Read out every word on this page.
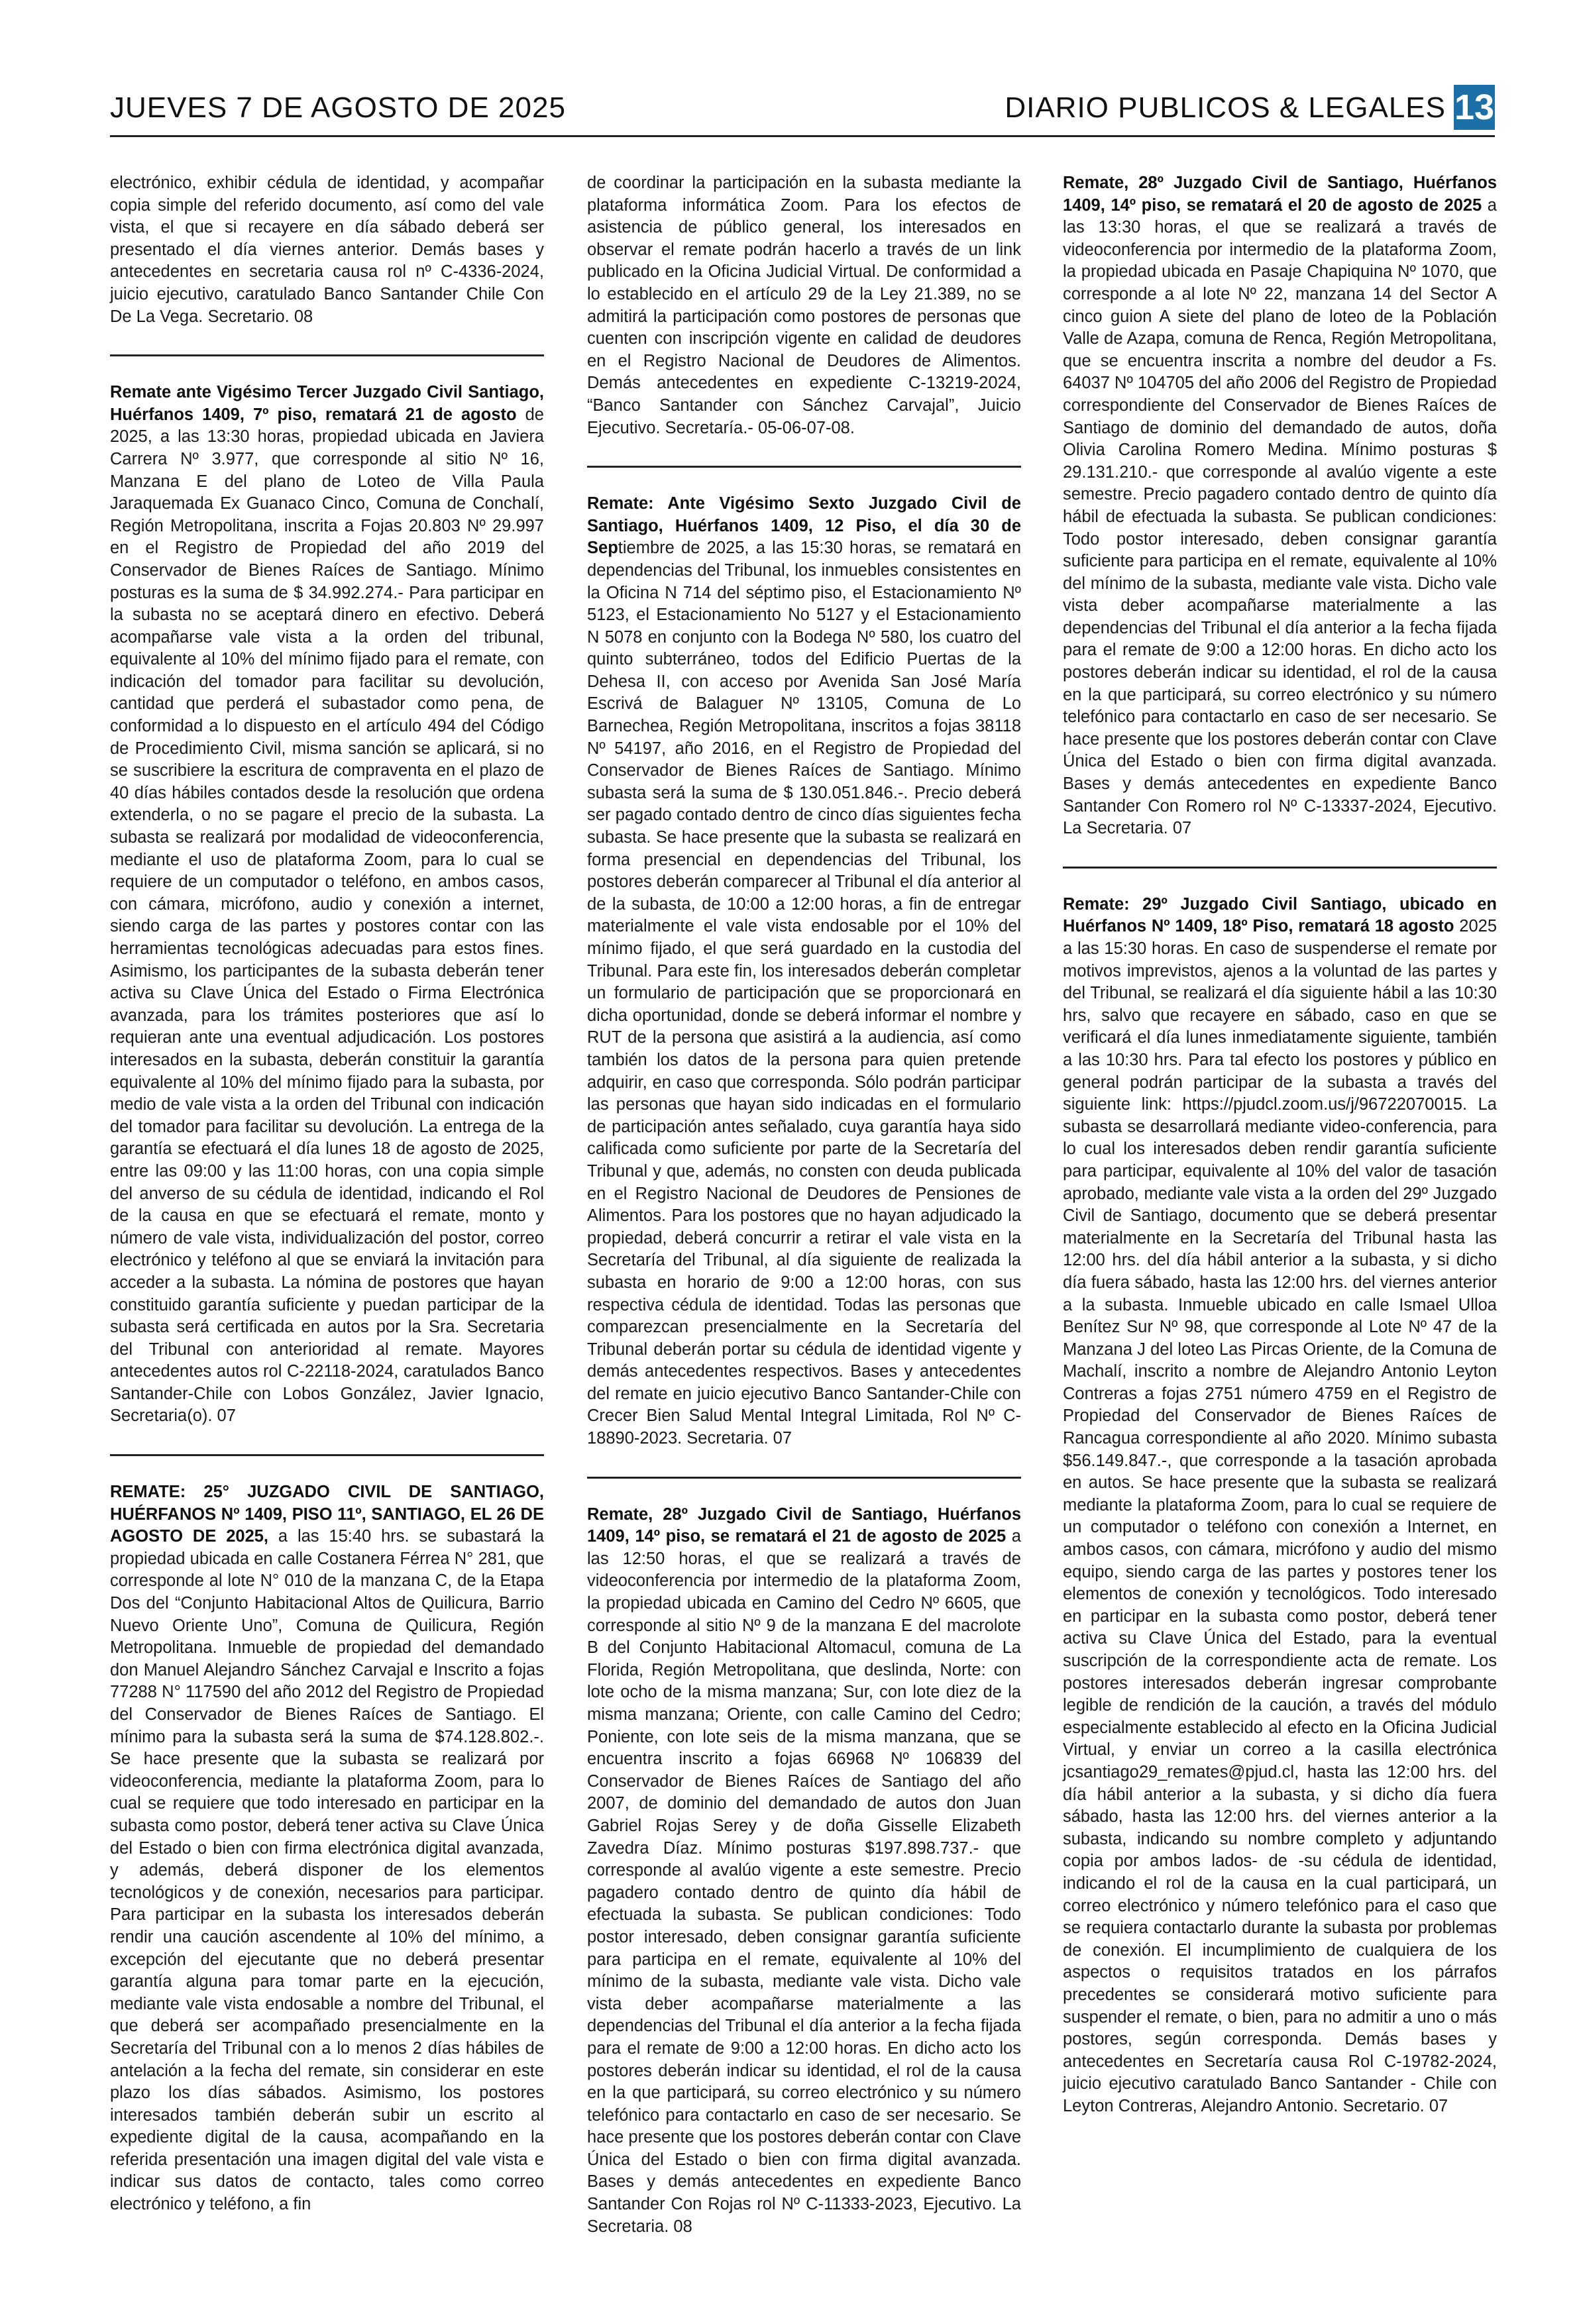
JUEVES 7 DE AGOSTO DE 2025	DIARIO PUBLICOS & LEGALES 13

electrónico, exhibir cédula de identidad, y acompañar copia simple del referido documento, así como del vale vista, el que si recayere en día sábado deberá ser presentado el día viernes anterior. Demás bases y antecedentes en secretaria causa rol nº C-4336-2024, juicio ejecutivo, caratulado Banco Santander Chile Con De La Vega. Secretario. 08

Remate ante Vigésimo Tercer Juzgado Civil Santiago, Huérfanos 1409, 7º piso, rematará 21 de agosto de 2025, a las 13:30 horas, propiedad ubicada en Javiera Carrera Nº 3.977, que corresponde al sitio Nº 16, Manzana E del plano de Loteo de Villa Paula Jaraquemada Ex Guanaco Cinco, Comuna de Conchalí, Región Metropolitana, inscrita a Fojas 20.803 Nº 29.997 en el Registro de Propiedad del año 2019 del Conservador de Bienes Raíces de Santiago. Mínimo posturas es la suma de $ 34.992.274.- Para participar en la subasta no se aceptará dinero en efectivo. Deberá acompañarse vale vista a la orden del tribunal, equivalente al 10% del mínimo fijado para el remate, con indicación del tomador para facilitar su devolución, cantidad que perderá el subastador como pena, de conformidad a lo dispuesto en el artículo 494 del Código de Procedimiento Civil, misma sanción se aplicará, si no se suscribiere la escritura de compraventa en el plazo de 40 días hábiles contados desde la resolución que ordena extenderla, o no se pagare el precio de la subasta. La subasta se realizará por modalidad de videoconferencia, mediante el uso de plataforma Zoom, para lo cual se requiere de un computador o teléfono, en ambos casos, con cámara, micrófono, audio y conexión a internet, siendo carga de las partes y postores contar con las herramientas tecnológicas adecuadas para estos fines. Asimismo, los participantes de la subasta deberán tener activa su Clave Única del Estado o Firma Electrónica avanzada, para los trámites posteriores que así lo requieran ante una eventual adjudicación. Los postores interesados en la subasta, deberán constituir la garantía equivalente al 10% del mínimo fijado para la subasta, por medio de vale vista a la orden del Tribunal con indicación del tomador para facilitar su devolución. La entrega de la garantía se efectuará el día lunes 18 de agosto de 2025, entre las 09:00 y las 11:00 horas, con una copia simple del anverso de su cédula de identidad, indicando el Rol de la causa en que se efectuará el remate, monto y número de vale vista, individualización del postor, correo electrónico y teléfono al que se enviará la invitación para acceder a la subasta. La nómina de postores que hayan constituido garantía suficiente y puedan participar de la subasta será certificada en autos por la Sra. Secretaria del Tribunal con anterioridad al remate. Mayores antecedentes autos rol C-22118-2024, caratulados Banco Santander-Chile con Lobos González, Javier Ignacio, Secretaria(o). 07

REMATE: 25° JUZGADO CIVIL DE SANTIAGO, HUÉRFANOS Nº 1409, PISO 11º, SANTIAGO, EL 26 DE AGOSTO DE 2025, a las 15:40 hrs. se subastará la propiedad ubicada en calle Costanera Férrea N° 281, que corresponde al lote N° 010 de la manzana C, de la Etapa Dos del “Conjunto Habitacional Altos de Quilicura, Barrio Nuevo Oriente Uno”, Comuna de Quilicura, Región Metropolitana. Inmueble de propiedad del demandado don Manuel Alejandro Sánchez Carvajal e Inscrito a fojas 77288 N° 117590 del año 2012 del Registro de Propiedad del Conservador de Bienes Raíces de Santiago. El mínimo para la subasta será la suma de $74.128.802.-. Se hace presente que la subasta se realizará por videoconferencia, mediante la plataforma Zoom, para lo cual se requiere que todo interesado en participar en la subasta como postor, deberá tener activa su Clave Única del Estado o bien con firma electrónica digital avanzada, y además, deberá disponer de los elementos tecnológicos y de conexión, necesarios para participar. Para participar en la subasta los interesados deberán rendir una caución ascendente al 10% del mínimo, a excepción del ejecutante que no deberá presentar garantía alguna para tomar parte en la ejecución, mediante vale vista endosable a nombre del Tribunal, el que deberá ser acompañado presencialmente en la Secretaría del Tribunal con a lo menos 2 días hábiles de antelación a la fecha del remate, sin considerar en este plazo los días sábados. Asimismo, los postores interesados también deberán subir un escrito al expediente digital de la causa, acompañando en la referida presentación una imagen digital del vale vista e indicar sus datos de contacto, tales como correo electrónico y teléfono, a fin

de coordinar la participación en la subasta mediante la plataforma informática Zoom. Para los efectos de asistencia de público general, los interesados en observar el remate podrán hacerlo a través de un link publicado en la Oficina Judicial Virtual. De conformidad a lo establecido en el artículo 29 de la Ley 21.389, no se admitirá la participación como postores de personas que cuenten con inscripción vigente en calidad de deudores en el Registro Nacional de Deudores de Alimentos. Demás antecedentes en expediente C-13219-2024, “Banco Santander con Sánchez Carvajal”, Juicio Ejecutivo. Secretaría.- 05-06-07-08.

Remate: Ante Vigésimo Sexto Juzgado Civil de Santiago, Huérfanos 1409, 12 Piso, el día 30 de Septiembre de 2025, a las 15:30 horas, se rematará en dependencias del Tribunal, los inmuebles consistentes en la Oficina N 714 del séptimo piso, el Estacionamiento Nº 5123, el Estacionamiento No 5127 y el Estacionamiento N 5078 en conjunto con la Bodega Nº 580, los cuatro del quinto subterráneo, todos del Edificio Puertas de la Dehesa II, con acceso por Avenida San José María Escrivá de Balaguer Nº 13105, Comuna de Lo Barnechea, Región Metropolitana, inscritos a fojas 38118 Nº 54197, año 2016, en el Registro de Propiedad del Conservador de Bienes Raíces de Santiago. Mínimo subasta será la suma de $ 130.051.846.-. Precio deberá ser pagado contado dentro de cinco días siguientes fecha subasta. Se hace presente que la subasta se realizará en forma presencial en dependencias del Tribunal, los postores deberán comparecer al Tribunal el día anterior al de la subasta, de 10:00 a 12:00 horas, a fin de entregar materialmente el vale vista endosable por el 10% del mínimo fijado, el que será guardado en la custodia del Tribunal. Para este fin, los interesados deberán completar un formulario de participación que se proporcionará en dicha oportunidad, donde se deberá informar el nombre y RUT de la persona que asistirá a la audiencia, así como también los datos de la persona para quien pretende adquirir, en caso que corresponda. Sólo podrán participar las personas que hayan sido indicadas en el formulario de participación antes señalado, cuya garantía haya sido calificada como suficiente por parte de la Secretaría del Tribunal y que, además, no consten con deuda publicada en el Registro Nacional de Deudores de Pensiones de Alimentos. Para los postores que no hayan adjudicado la propiedad, deberá concurrir a retirar el vale vista en la Secretaría del Tribunal, al día siguiente de realizada la subasta en horario de 9:00 a 12:00 horas, con sus respectiva cédula de identidad. Todas las personas que comparezcan presencialmente en la Secretaría del Tribunal deberán portar su cédula de identidad vigente y demás antecedentes respectivos. Bases y antecedentes del remate en juicio ejecutivo Banco Santander-Chile con Crecer Bien Salud Mental Integral Limitada, Rol Nº C-18890-2023. Secretaria. 07

Remate, 28º Juzgado Civil de Santiago, Huérfanos 1409, 14º piso, se rematará el 21 de agosto de 2025 a las 12:50 horas, el que se realizará a través de videoconferencia por intermedio de la plataforma Zoom, la propiedad ubicada en Camino del Cedro Nº 6605, que corresponde al sitio Nº 9 de la manzana E del macrolote B del Conjunto Habitacional Altomacul, comuna de La Florida, Región Metropolitana, que deslinda, Norte: con lote ocho de la misma manzana; Sur, con lote diez de la misma manzana; Oriente, con calle Camino del Cedro; Poniente, con lote seis de la misma manzana, que se encuentra inscrito a fojas 66968 Nº 106839 del Conservador de Bienes Raíces de Santiago del año 2007, de dominio del demandado de autos don Juan Gabriel Rojas Serey y de doña Gisselle Elizabeth Zavedra Díaz. Mínimo posturas $197.898.737.- que corresponde al avalúo vigente a este semestre. Precio pagadero contado dentro de quinto día hábil de efectuada la subasta. Se publican condiciones: Todo postor interesado, deben consignar garantía suficiente para participa en el remate, equivalente al 10% del mínimo de la subasta, mediante vale vista. Dicho vale vista deber acompañarse materialmente a las dependencias del Tribunal el día anterior a la fecha fijada para el remate de 9:00 a 12:00 horas. En dicho acto los postores deberán indicar su identidad, el rol de la causa en la que participará, su correo electrónico y su número telefónico para contactarlo en caso de ser necesario. Se hace presente que los postores deberán contar con Clave Única del Estado o bien con firma digital avanzada. Bases y demás antecedentes en expediente Banco Santander Con Rojas rol Nº C-11333-2023, Ejecutivo. La Secretaria. 08

Remate, 28º Juzgado Civil de Santiago, Huérfanos 1409, 14º piso, se rematará el 20 de agosto de 2025 a las 13:30 horas, el que se realizará a través de videoconferencia por intermedio de la plataforma Zoom, la propiedad ubicada en Pasaje Chapiquina Nº 1070, que corresponde a al lote Nº 22, manzana 14 del Sector A cinco guion A siete del plano de loteo de la Población Valle de Azapa, comuna de Renca, Región Metropolitana, que se encuentra inscrita a nombre del deudor a Fs. 64037 Nº 104705 del año 2006 del Registro de Propiedad correspondiente del Conservador de Bienes Raíces de Santiago de dominio del demandado de autos, doña Olivia Carolina Romero Medina. Mínimo posturas $ 29.131.210.- que corresponde al avalúo vigente a este semestre. Precio pagadero contado dentro de quinto día hábil de efectuada la subasta. Se publican condiciones: Todo postor interesado, deben consignar garantía suficiente para participa en el remate, equivalente al 10% del mínimo de la subasta, mediante vale vista. Dicho vale vista deber acompañarse materialmente a las dependencias del Tribunal el día anterior a la fecha fijada para el remate de 9:00 a 12:00 horas. En dicho acto los postores deberán indicar su identidad, el rol de la causa en la que participará, su correo electrónico y su número telefónico para contactarlo en caso de ser necesario. Se hace presente que los postores deberán contar con Clave Única del Estado o bien con firma digital avanzada. Bases y demás antecedentes en expediente Banco Santander Con Romero rol Nº C-13337-2024, Ejecutivo. La Secretaria. 07

Remate: 29º Juzgado Civil Santiago, ubicado en Huérfanos Nº 1409, 18º Piso, rematará 18 agosto 2025 a las 15:30 horas. En caso de suspenderse el remate por motivos imprevistos, ajenos a la voluntad de las partes y del Tribunal, se realizará el día siguiente hábil a las 10:30 hrs, salvo que recayere en sábado, caso en que se verificará el día lunes inmediatamente siguiente, también a las 10:30 hrs. Para tal efecto los postores y público en general podrán participar de la subasta a través del siguiente link: https://pjudcl.zoom.us/j/96722070015. La subasta se desarrollará mediante video-conferencia, para lo cual los interesados deben rendir garantía suficiente para participar, equivalente al 10% del valor de tasación aprobado, mediante vale vista a la orden del 29º Juzgado Civil de Santiago, documento que se deberá presentar materialmente en la Secretaría del Tribunal hasta las 12:00 hrs. del día hábil anterior a la subasta, y si dicho día fuera sábado, hasta las 12:00 hrs. del viernes anterior a la subasta. Inmueble ubicado en calle Ismael Ulloa Benítez Sur Nº 98, que corresponde al Lote Nº 47 de la Manzana J del loteo Las Pircas Oriente, de la Comuna de Machalí, inscrito a nombre de Alejandro Antonio Leyton Contreras a fojas 2751 número 4759 en el Registro de Propiedad del Conservador de Bienes Raíces de Rancagua correspondiente al año 2020. Mínimo subasta $56.149.847.-, que corresponde a la tasación aprobada en autos. Se hace presente que la subasta se realizará mediante la plataforma Zoom, para lo cual se requiere de un computador o teléfono con conexión a Internet, en ambos casos, con cámara, micrófono y audio del mismo equipo, siendo carga de las partes y postores tener los elementos de conexión y tecnológicos. Todo interesado en participar en la subasta como postor, deberá tener activa su Clave Única del Estado, para la eventual suscripción de la correspondiente acta de remate. Los postores interesados deberán ingresar comprobante legible de rendición de la caución, a través del módulo especialmente establecido al efecto en la Oficina Judicial Virtual, y enviar un correo a la casilla electrónica jcsantiago29_remates@pjud.cl, hasta las 12:00 hrs. del día hábil anterior a la subasta, y si dicho día fuera sábado, hasta las 12:00 hrs. del viernes anterior a la subasta, indicando su nombre completo y adjuntando copia por ambos lados- de -su cédula de identidad, indicando el rol de la causa en la cual participará, un correo electrónico y número telefónico para el caso que se requiera contactarlo durante la subasta por problemas de conexión. El incumplimiento de cualquiera de los aspectos o requisitos tratados en los párrafos precedentes se considerará motivo suficiente para suspender el remate, o bien, para no admitir a uno o más postores, según corresponda. Demás bases y antecedentes en Secretaría causa Rol C-19782-2024, juicio ejecutivo caratulado Banco Santander - Chile con Leyton Contreras, Alejandro Antonio. Secretario. 07
